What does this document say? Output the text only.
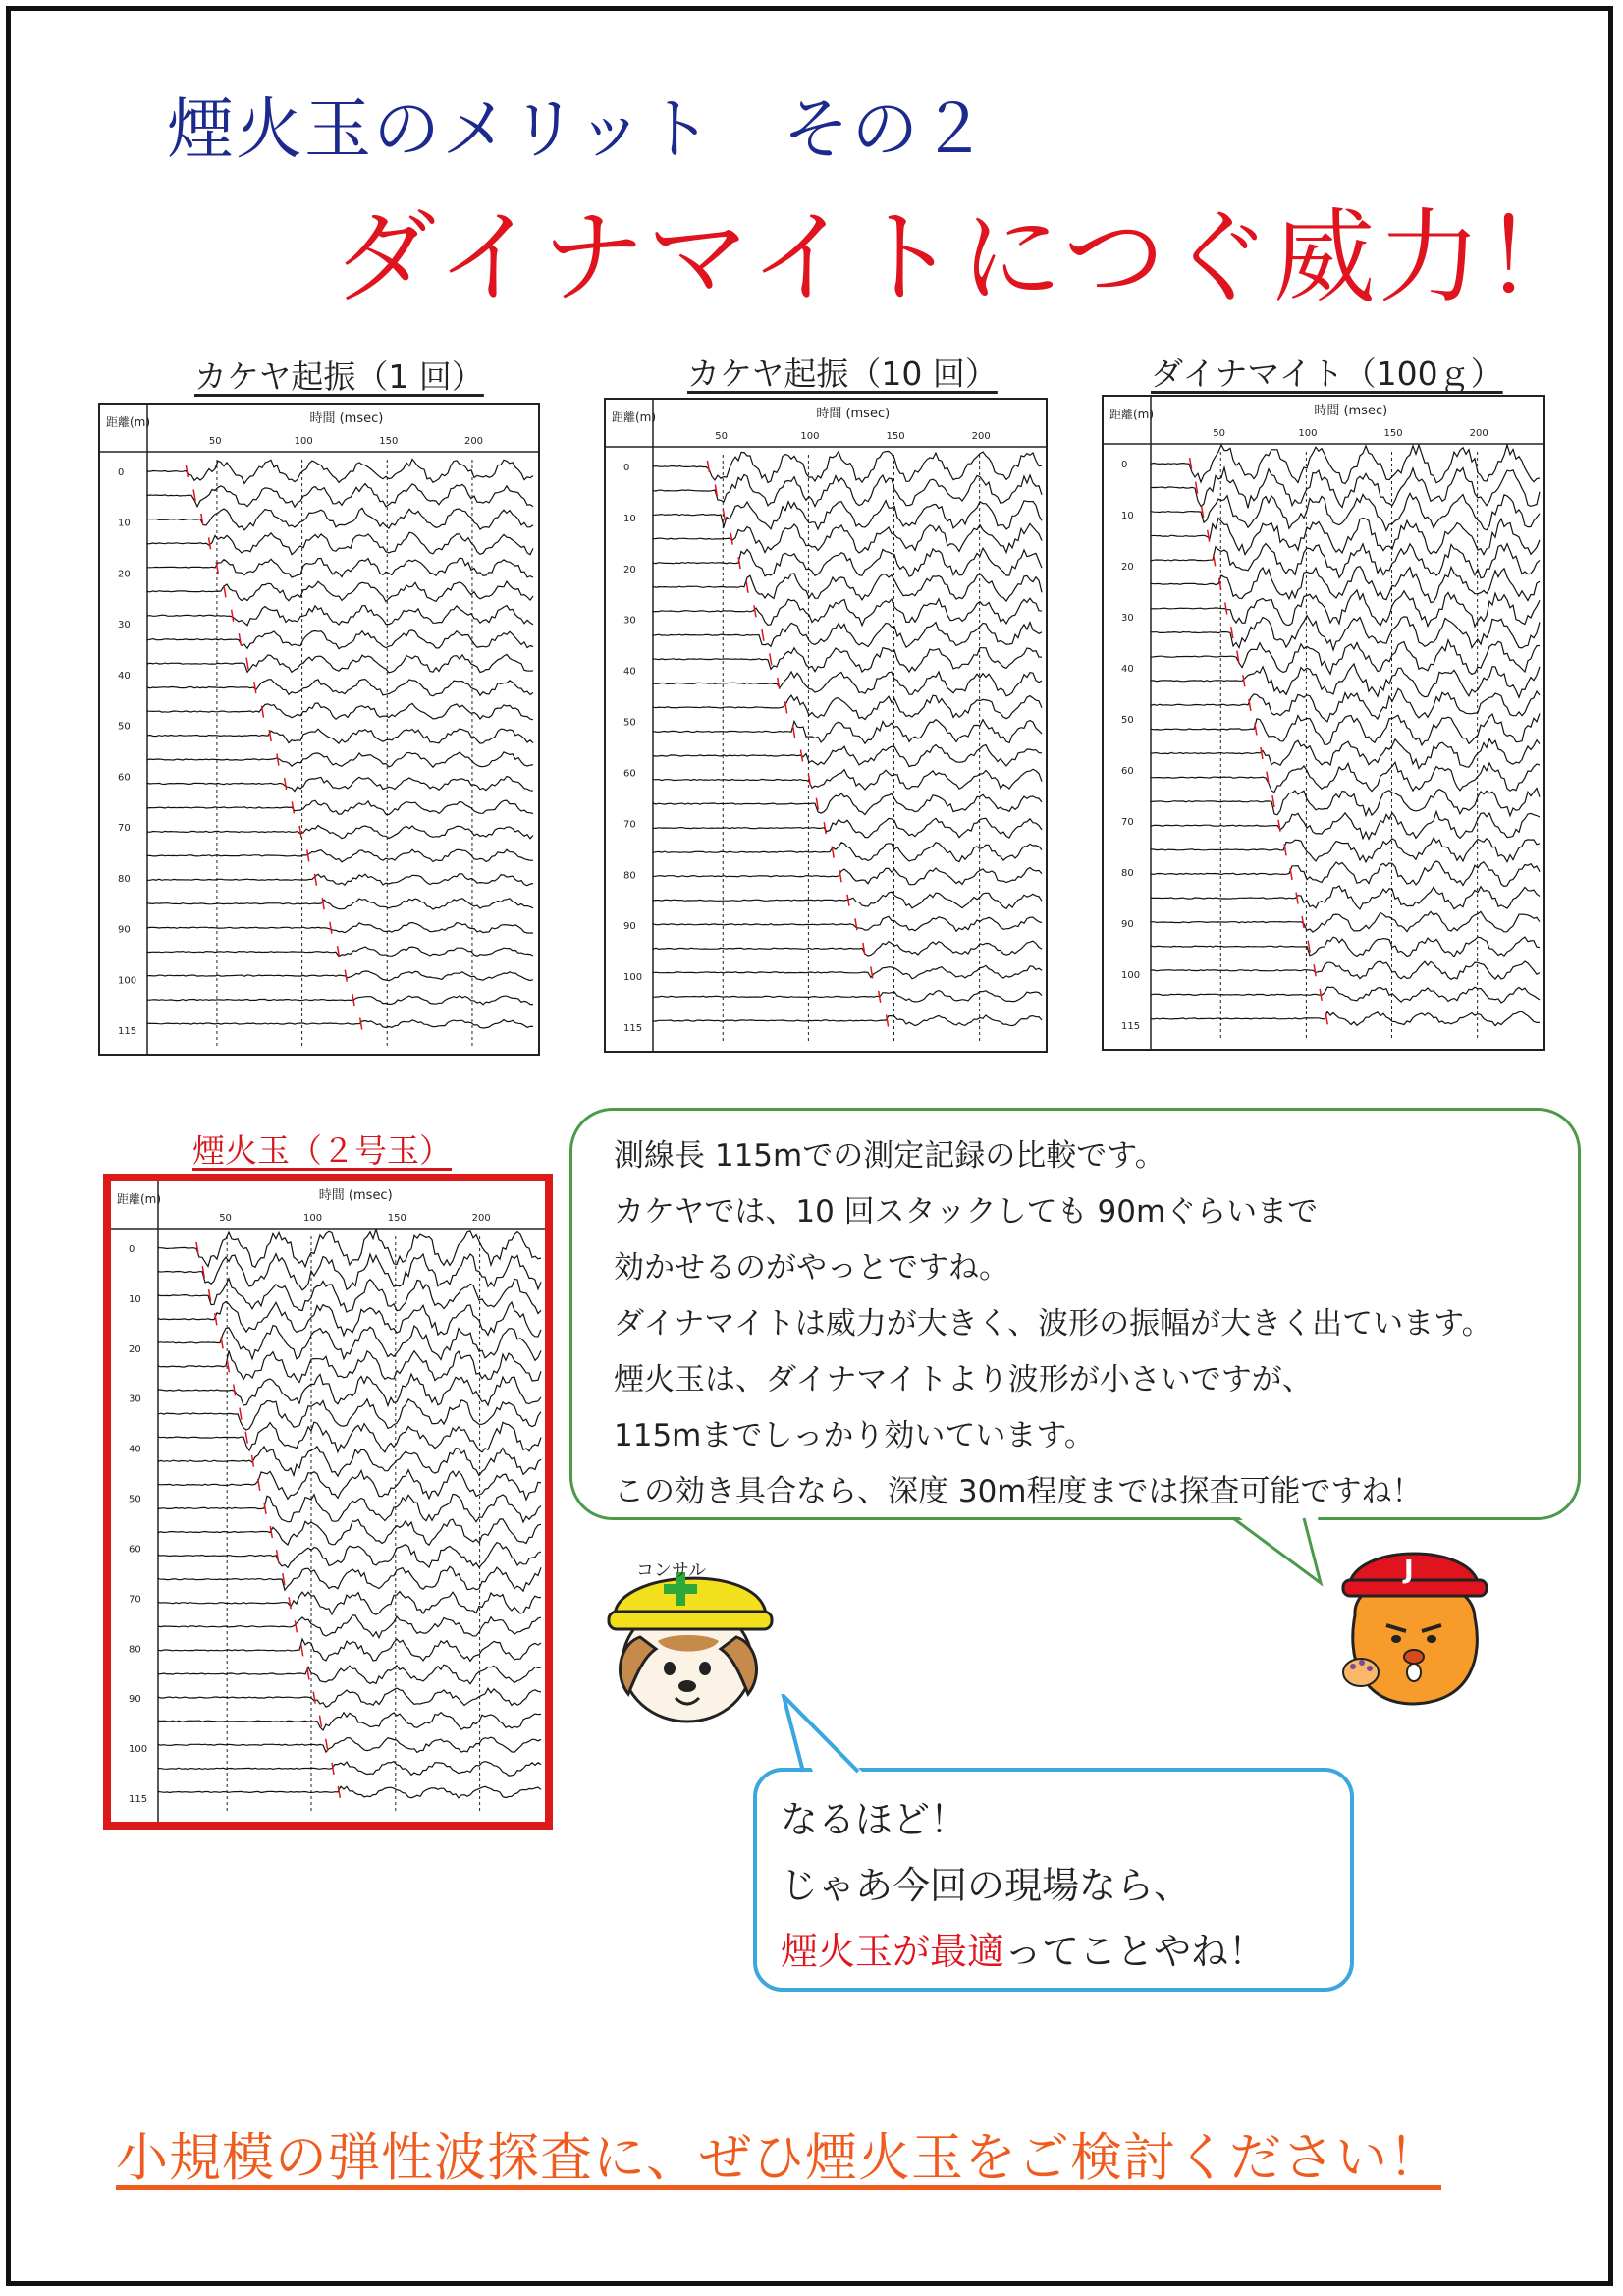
煙火玉のメリット　その２
ダイナマイトにつぐ威力！
カケヤ起振（1 回）	カケヤ起振（10 回）	ダイナマイト（100ｇ）
煙火玉（２号玉）
距離(m)	時間 (msec)
50	100	150	200
0
10
20
30
40
50
60
70
80
90
100
115
距離(m)	時間 (msec)
50	100	150	200
0
10
20
30
40
50
60
70
80
90
100
115
距離(m)	時間 (msec)
50	100	150	200
0
10
20
30
40
50
60
70
80
90
100
115
距離(m)	時間 (msec)
50	100	150	200
0
10
20
30
40
50
60
70
80
90
100
115

測線長 115mでの測定記録の比較です。

カケヤでは、10 回スタックしても 90mぐらいまで

効かせるのがやっとですね。

ダイナマイトは威力が大きく、波形の振幅が大きく出ています。

煙火玉は、ダイナマイトより波形が小さいですが、

115mまでしっかり効いています。

この効き具合なら、深度 30m程度までは探査可能ですね！

なるほど！

じゃあ今回の現場なら、

煙火玉が最適ってことやね！

コンサル	J
小規模の弾性波探査に、ぜひ煙火玉をご検討ください！
